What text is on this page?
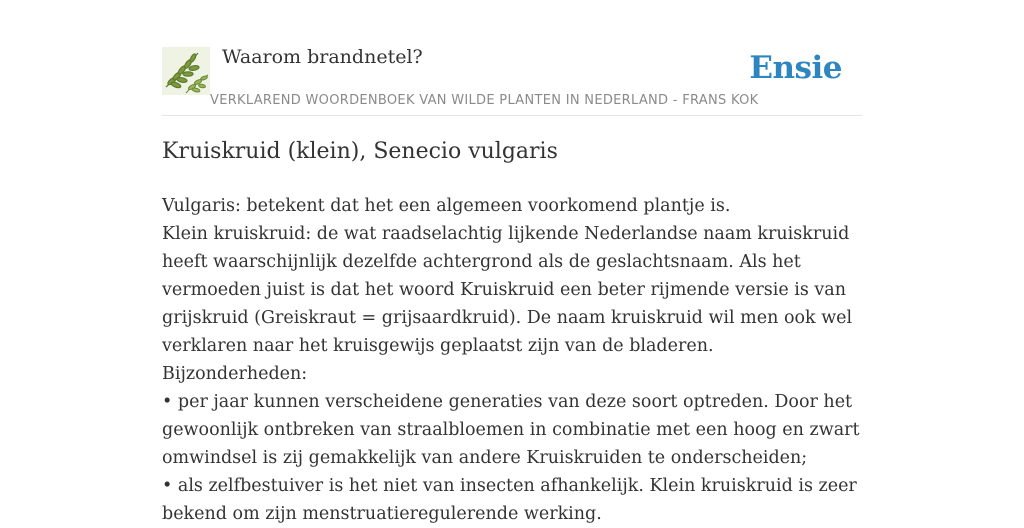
Waarom brandnetel?	Ensie
VERKLAREND WOORDENBOEK VAN WILDE PLANTEN IN NEDERLAND - FRANS KOK
Kruiskruid (klein), Senecio vulgaris
Vulgaris: betekent dat het een algemeen voorkomend plantje is.
Klein kruiskruid: de wat raadselachtig lijkende Nederlandse naam kruiskruid
heeft waarschijnlijk dezelfde achtergrond als de geslachtsnaam. Als het
vermoeden juist is dat het woord Kruiskruid een beter rijmende versie is van
grijskruid (Greiskraut = grijsaardkruid). De naam kruiskruid wil men ook wel
verklaren naar het kruisgewijs geplaatst zijn van de bladeren.
Bijzonderheden:
• per jaar kunnen verscheidene generaties van deze soort optreden. Door het
gewoonlijk ontbreken van straalbloemen in combinatie met een hoog en zwart
omwindsel is zij gemakkelijk van andere Kruiskruiden te onderscheiden;
• als zelfbestuiver is het niet van insecten afhankelijk. Klein kruiskruid is zeer
bekend om zijn menstruatieregulerende werking.
